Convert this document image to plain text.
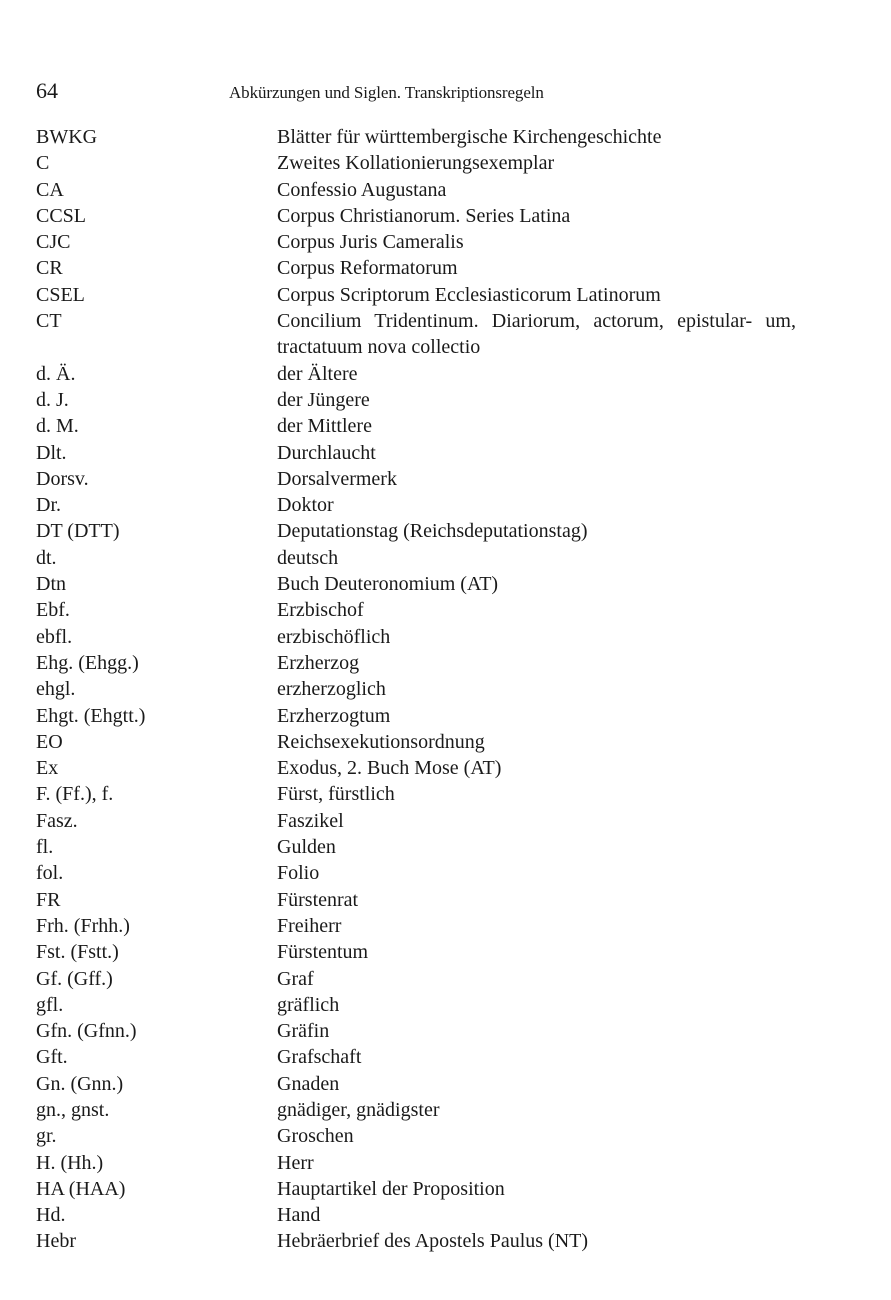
64	Abkürzungen und Siglen. Transkriptionsregeln
BWKG	Blätter für württembergische Kirchengeschichte
C	Zweites Kollationierungsexemplar
CA	Confessio Augustana
CCSL	Corpus Christianorum. Series Latina
CJC	Corpus Juris Cameralis
CR	Corpus Reformatorum
CSEL	Corpus Scriptorum Ecclesiasticorum Latinorum
CT	Concilium Tridentinum. Diariorum, actorum, epistular- um, tractatuum nova collectio
d. Ä.	der Ältere
d. J.	der Jüngere
d. M.	der Mittlere
Dlt.	Durchlaucht
Dorsv.	Dorsalvermerk
Dr.	Doktor
DT (DTT)	Deputationstag (Reichsdeputationstag)
dt.	deutsch
Dtn	Buch Deuteronomium (AT)
Ebf.	Erzbischof
ebfl.	erzbischöflich
Ehg. (Ehgg.)	Erzherzog
ehgl.	erzherzoglich
Ehgt. (Ehgtt.)	Erzherzogtum
EO	Reichsexekutionsordnung
Ex	Exodus, 2. Buch Mose (AT)
F. (Ff.), f.	Fürst, fürstlich
Fasz.	Faszikel
fl.	Gulden
fol.	Folio
FR	Fürstenrat
Frh. (Frhh.)	Freiherr
Fst. (Fstt.)	Fürstentum
Gf. (Gff.)	Graf
gfl.	gräflich
Gfn. (Gfnn.)	Gräfin
Gft.	Grafschaft
Gn. (Gnn.)	Gnaden
gn., gnst.	gnädiger, gnädigster
gr.	Groschen
H. (Hh.)	Herr
HA (HAA)	Hauptartikel der Proposition
Hd.	Hand
Hebr	Hebräerbrief des Apostels Paulus (NT)
